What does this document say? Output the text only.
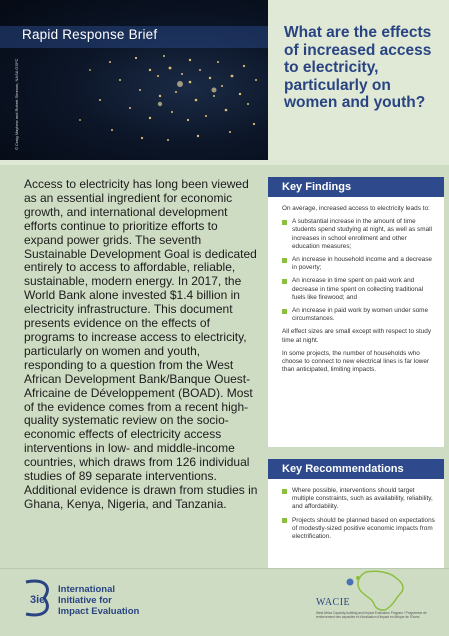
Rapid Response Brief
© Craig Mayhew and Robert Simmon, NASA GSFC
What are the effects of increased access to electricity, particularly on women and youth?
Access to electricity has long been viewed as an essential ingredient for economic growth, and international development efforts continue to prioritize efforts to expand power grids. The seventh Sustainable Development Goal is dedicated entirely to access to affordable, reliable, sustainable, modern energy. In 2017, the World Bank alone invested $1.4 billion in electricity infrastructure. This document presents evidence on the effects of programs to increase access to electricity, particularly on women and youth, responding to a question from the West African Development Bank/Banque Ouest-Africaine de Développement (BOAD). Most of the evidence comes from a recent high-quality systematic review on the socio-economic effects of electricity access interventions in low- and middle-income countries, which draws from 126 individual studies of 89 separate interventions. Additional evidence is drawn from studies in Ghana, Kenya, Nigeria, and Tanzania.
Key Findings

On average, increased access to electricity leads to:

A substantial increase in the amount of time students spend studying at night, as well as small increases in school enrollment and other education measures;
An increase in household income and a decrease in poverty;
An increase in time spent on paid work and decrease in time spent on collecting traditional fuels like firewood; and
An increase in paid work by women under some circumstances.

All effect sizes are small except with respect to study time at night.

In some projects, the number of households who choose to connect to new electrical lines is far lower than anticipated, limiting impacts.

Key Recommendations
Where possible, interventions should target multiple constraints, such as availability, reliability, and affordability.
Projects should be planned based on expectations of modestly-sized positive economic impacts from electrification.
3ie
International
Initiative for
Impact Evaluation
WACIE
West Africa Capacity-building and Impact Evaluation Program / Programme de renforcement des capacités et d'évaluation d'impact en Afrique de l'Ouest
